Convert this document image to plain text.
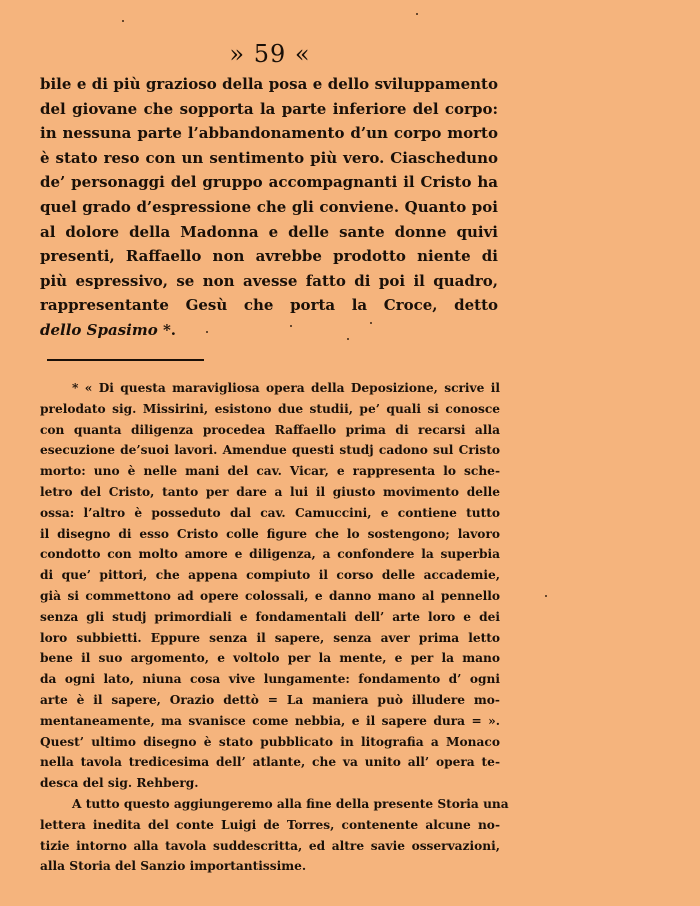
» 59 «
bile e di più grazioso della posa e dello sviluppamento
del giovane che sopporta la parte inferiore del corpo:
in nessuna parte l’abbandonamento d’un corpo morto
è stato reso con un sentimento più vero. Ciascheduno
de’ personaggi del gruppo accompagnanti il Cristo ha
quel grado d’espressione che gli conviene. Quanto poi
al dolore della Madonna e delle sante donne quivi
presenti, Raffaello non avrebbe prodotto niente di
più espressivo, se non avesse fatto di poi il quadro,
rappresentante Gesù che porta la Croce, detto
dello Spasimo *.
* « Di questa maravigliosa opera della Deposizione, scrive il
prelodato sig. Missirini, esistono due studii, pe’ quali si conosce
con quanta diligenza procedea Raffaello prima di recarsi alla
esecuzione de’suoi lavori. Amendue questi studj cadono sul Cristo
morto: uno è nelle mani del cav. Vicar, e rappresenta lo sche-
letro del Cristo, tanto per dare a lui il giusto movimento delle
ossa: l’altro è posseduto dal cav. Camuccini, e contiene tutto
il disegno di esso Cristo colle figure che lo sostengono; lavoro
condotto con molto amore e diligenza, a confondere la superbia
di que’ pittori, che appena compiuto il corso delle accademie,
già si commettono ad opere colossali, e danno mano al pennello
senza gli studj primordiali e fondamentali dell’ arte loro e dei
loro subbietti. Eppure senza il sapere, senza aver prima letto
bene il suo argomento, e voltolo per la mente, e per la mano
da ogni lato, niuna cosa vive lungamente: fondamento d’ ogni
arte è il sapere, Orazio dettò = La maniera può illudere mo-
mentaneamente, ma svanisce come nebbia, e il sapere dura = ».
Quest’ ultimo disegno è stato pubblicato in litografia a Monaco
nella tavola tredicesima dell’ atlante, che va unito all’ opera te-
desca del sig. Rehberg.
A tutto questo aggiungeremo alla fine della presente Storia una
lettera inedita del conte Luigi de Torres, contenente alcune no-
tizie intorno alla tavola suddescritta, ed altre savie osservazioni,
alla Storia del Sanzio importantissime.
